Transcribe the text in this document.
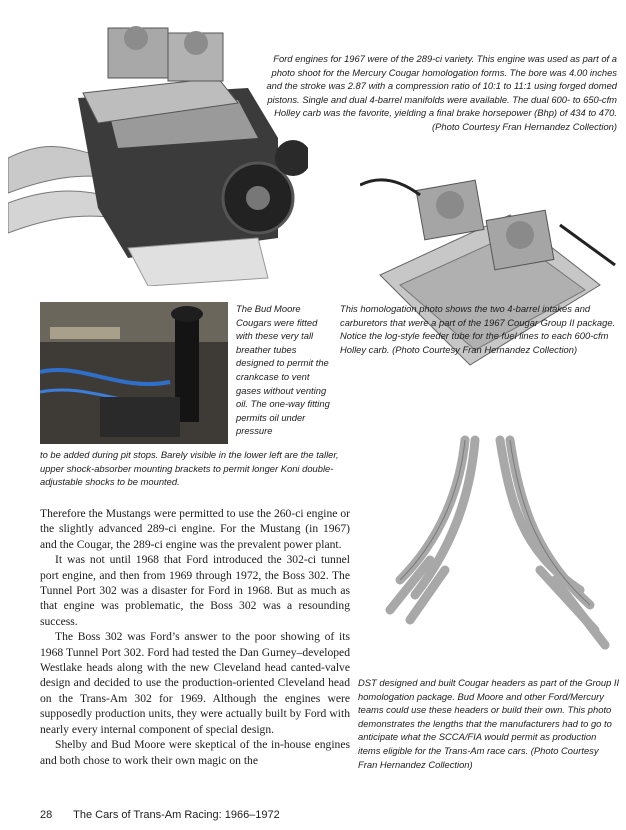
Ford engines for 1967 were of the 289-ci variety. This engine was used as part of a photo shoot for the Mercury Cougar homologation forms. The bore was 4.00 inches and the stroke was 2.87 with a compression ratio of 10:1 to 11:1 using forged domed pistons. Single and dual 4-barrel manifolds were available. The dual 600- to 650-cfm Holley carb was the favorite, yielding a final brake horsepower (Bhp) of 434 to 470. (Photo Courtesy Fran Hernandez Collection)
The Bud Moore Cougars were fitted with these very tall breather tubes designed to permit the crankcase to vent gases without venting oil. The one-way fitting permits oil under pressure
to be added during pit stops. Barely visible in the lower left are the taller, upper shock-absorber mounting brackets to permit longer Koni double-adjustable shocks to be mounted.
This homologation photo shows the two 4-barrel intakes and carburetors that were a part of the 1967 Cougar Group II package. Notice the log-style feeder tube for the fuel lines to each 600-cfm Holley carb. (Photo Courtesy Fran Hernandez Collection)
DST designed and built Cougar headers as part of the Group II homologation package. Bud Moore and other Ford/Mercury teams could use these headers or build their own. This photo demonstrates the lengths that the manufacturers had to go to anticipate what the SCCA/FIA would permit as production items eligible for the Trans-Am race cars. (Photo Courtesy Fran Hernandez Collection)

Therefore the Mustangs were permitted to use the 260-ci engine or the slightly advanced 289-ci engine. For the Mustang (in 1967) and the Cougar, the 289-ci engine was the prevalent power plant.

It was not until 1968 that Ford introduced the 302-ci tunnel port engine, and then from 1969 through 1972, the Boss 302. The Tunnel Port 302 was a disaster for Ford in 1968. But as much as that engine was problematic, the Boss 302 was a resounding success.

The Boss 302 was Ford’s answer to the poor showing of its 1968 Tunnel Port 302. Ford had tested the Dan Gurney–developed Westlake heads along with the new Cleveland head canted-valve design and decided to use the production-oriented Cleveland head on the Trans-Am 302 for 1969. Although the engines were supposedly production units, they were actually built by Ford with nearly every internal component of special design.

Shelby and Bud Moore were skeptical of the in-house engines and both chose to work their own magic on the

28 The Cars of Trans-Am Racing: 1966–1972
